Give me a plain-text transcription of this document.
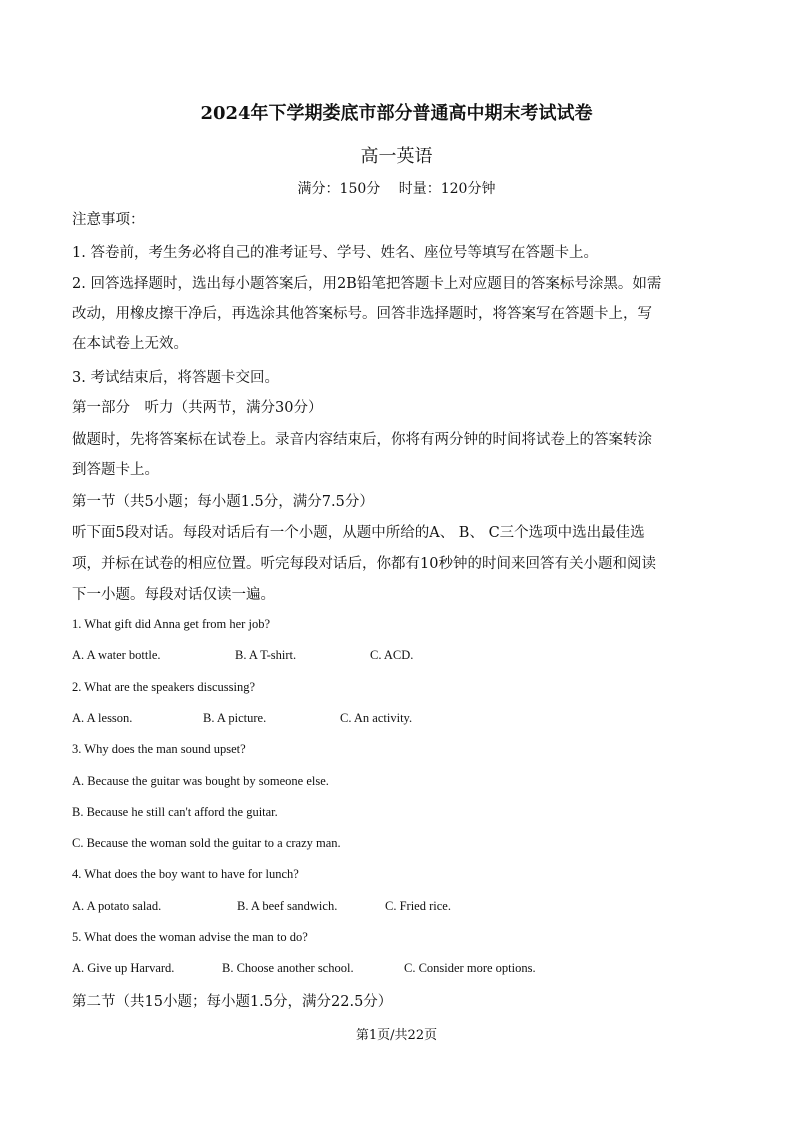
2024年下学期娄底市部分普通高中期末考试试卷
高一英语
满分：150分　 时量：120分钟
注意事项：
1. 答卷前，考生务必将自己的准考证号、学号、姓名、座位号等填写在答题卡上。
2. 回答选择题时，选出每小题答案后，用2B铅笔把答题卡上对应题目的答案标号涂黑。如需
改动，用橡皮擦干净后，再选涂其他答案标号。回答非选择题时，将答案写在答题卡上，写
在本试卷上无效。
3. 考试结束后，将答题卡交回。
第一部分　听力（共两节，满分30分）
做题时，先将答案标在试卷上。录音内容结束后，你将有两分钟的时间将试卷上的答案转涂
到答题卡上。
第一节（共5小题；每小题1.5分，满分7.5分）
听下面5段对话。每段对话后有一个小题，从题中所给的A、 B、 C三个选项中选出最佳选
项，并标在试卷的相应位置。听完每段对话后，你都有10秒钟的时间来回答有关小题和阅读
下一小题。每段对话仅读一遍。
1. What gift did Anna get from her job?
A. A water bottle.	B. A T-shirt.	C. ACD.
2. What are the speakers discussing?
A. A lesson.	B. A picture.	C. An activity.
3. Why does the man sound upset?
A. Because the guitar was bought by someone else.
B. Because he still can't afford the guitar.
C. Because the woman sold the guitar to a crazy man.
4. What does the boy want to have for lunch?
A. A potato salad.	B. A beef sandwich.	C. Fried rice.
5. What does the woman advise the man to do?
A. Give up Harvard.	B. Choose another school.	C. Consider more options.
第二节（共15小题；每小题1.5分，满分22.5分）
第1页/共22页
